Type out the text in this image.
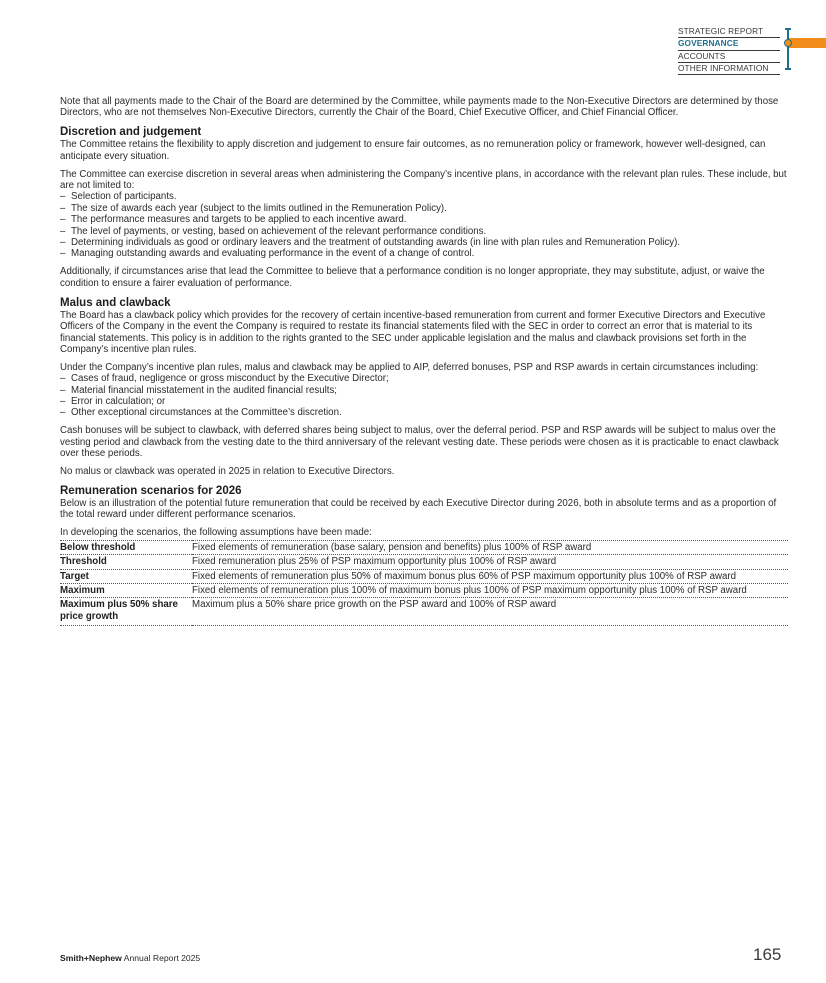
STRATEGIC REPORT
GOVERNANCE
ACCOUNTS
OTHER INFORMATION

Note that all payments made to the Chair of the Board are determined by the Committee, while payments made to the Non-Executive Directors are determined by those Directors, who are not themselves Non-Executive Directors, currently the Chair of the Board, Chief Executive Officer, and Chief Financial Officer.

Discretion and judgement

The Committee retains the flexibility to apply discretion and judgement to ensure fair outcomes, as no remuneration policy or framework, however well-designed, can anticipate every situation.

The Committee can exercise discretion in several areas when administering the Company’s incentive plans, in accordance with the relevant plan rules. These include, but are not limited to:

– Selection of participants.
– The size of awards each year (subject to the limits outlined in the Remuneration Policy).
– The performance measures and targets to be applied to each incentive award.
– The level of payments, or vesting, based on achievement of the relevant performance conditions.
– Determining individuals as good or ordinary leavers and the treatment of outstanding awards (in line with plan rules and Remuneration Policy).
– Managing outstanding awards and evaluating performance in the event of a change of control.

Additionally, if circumstances arise that lead the Committee to believe that a performance condition is no longer appropriate, they may substitute, adjust, or waive the condition to ensure a fairer evaluation of performance.

Malus and clawback

The Board has a clawback policy which provides for the recovery of certain incentive-based remuneration from current and former Executive Directors and Executive Officers of the Company in the event the Company is required to restate its financial statements filed with the SEC in order to correct an error that is material to its financial statements. This policy is in addition to the rights granted to the SEC under applicable legislation and the malus and clawback provisions set forth in the Company’s incentive plan rules.

Under the Company’s incentive plan rules, malus and clawback may be applied to AIP, deferred bonuses, PSP and RSP awards in certain circumstances including:

– Cases of fraud, negligence or gross misconduct by the Executive Director;
– Material financial misstatement in the audited financial results;
– Error in calculation; or
– Other exceptional circumstances at the Committee’s discretion.

Cash bonuses will be subject to clawback, with deferred shares being subject to malus, over the deferral period. PSP and RSP awards will be subject to malus over the vesting period and clawback from the vesting date to the third anniversary of the relevant vesting date. These periods were chosen as it is practicable to enact clawback over these periods.

No malus or clawback was operated in 2025 in relation to Executive Directors.

Remuneration scenarios for 2026

Below is an illustration of the potential future remuneration that could be received by each Executive Director during 2026, both in absolute terms and as a proportion of the total reward under different performance scenarios.

In developing the scenarios, the following assumptions have been made:

Below threshold	Fixed elements of remuneration (base salary, pension and benefits) plus 100% of RSP award
Threshold	Fixed remuneration plus 25% of PSP maximum opportunity plus 100% of RSP award
Target	Fixed elements of remuneration plus 50% of maximum bonus plus 60% of PSP maximum opportunity plus 100% of RSP award
Maximum	Fixed elements of remuneration plus 100% of maximum bonus plus 100% of PSP maximum opportunity plus 100% of RSP award
Maximum plus 50% share price growth	Maximum plus a 50% share price growth on the PSP award and 100% of RSP award
Smith+Nephew Annual Report 2025	165
